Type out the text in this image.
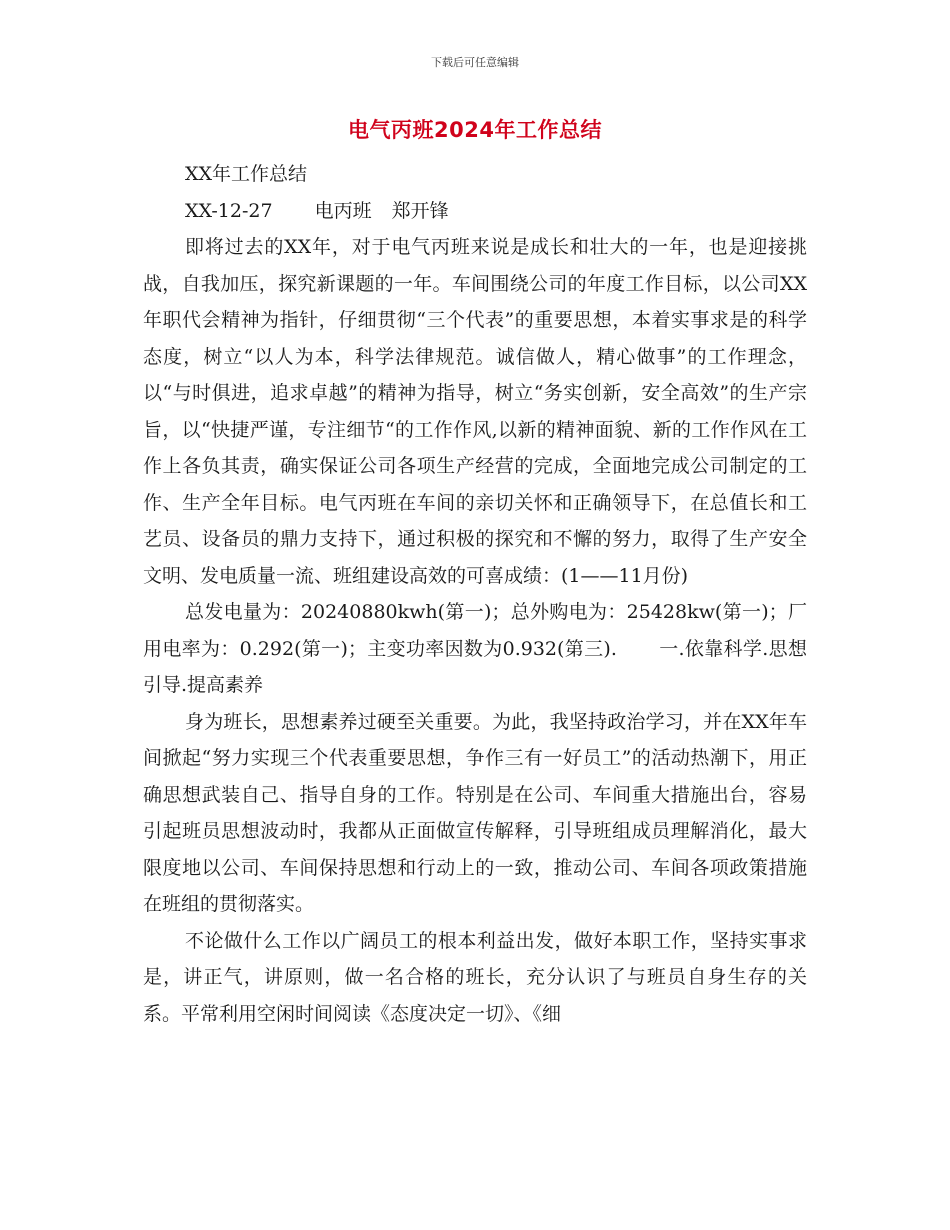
下载后可任意编辑
电气丙班2024年工作总结

XX年工作总结

XX-12-27 电丙班 郑开锋

即将过去的XX年，对于电气丙班来说是成长和壮大的一年，也是迎接挑战，自我加压，探究新课题的一年。车间围绕公司的年度工作目标，以公司XX年职代会精神为指针，仔细贯彻“三个代表”的重要思想，本着实事求是的科学态度，树立“以人为本，科学法律规范。诚信做人，精心做事”的工作理念，以“与时俱进，追求卓越”的精神为指导，树立“务实创新，安全高效”的生产宗旨，以“快捷严谨，专注细节“的工作作风,以新的精神面貌、新的工作作风在工作上各负其责，确实保证公司各项生产经营的完成，全面地完成公司制定的工作、生产全年目标。电气丙班在车间的亲切关怀和正确领导下，在总值长和工艺员、设备员的鼎力支持下，通过积极的探究和不懈的努力，取得了生产安全文明、发电质量一流、班组建设高效的可喜成绩：(1——11月份)

总发电量为：20240880kwh(第一)；总外购电为：25428kw(第一)；厂用电率为：0.292(第一)；主变功率因数为0.932(第三). 一.依靠科学.思想引导.提高素养

身为班长，思想素养过硬至关重要。为此，我坚持政治学习，并在XX年车间掀起“努力实现三个代表重要思想，争作三有一好员工”的活动热潮下，用正确思想武装自己、指导自身的工作。特别是在公司、车间重大措施出台，容易引起班员思想波动时，我都从正面做宣传解释，引导班组成员理解消化，最大限度地以公司、车间保持思想和行动上的一致，推动公司、车间各项政策措施在班组的贯彻落实。

不论做什么工作以广阔员工的根本利益出发，做好本职工作，坚持实事求是，讲正气，讲原则，做一名合格的班长，充分认识了与班员自身生存的关系。平常利用空闲时间阅读《态度决定一切》、《细
